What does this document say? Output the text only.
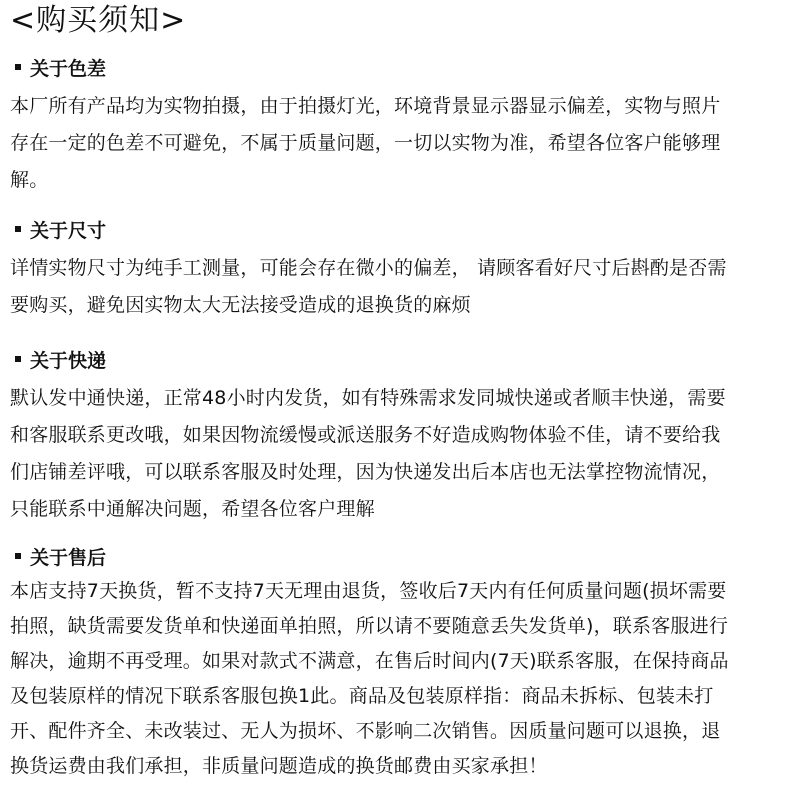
<购买须知>
关于色差
本厂所有产品均为实物拍摄，由于拍摄灯光，环境背景显示器显示偏差，实物与照片
存在一定的色差不可避免，不属于质量问题，一切以实物为准，希望各位客户能够理
解。
关于尺寸
详情实物尺寸为纯手工测量，可能会存在微小的偏差， 请顾客看好尺寸后斟酌是否需
要购买，避免因实物太大无法接受造成的退换货的麻烦
关于快递
默认发中通快递，正常48小时内发货，如有特殊需求发同城快递或者顺丰快递，需要
和客服联系更改哦，如果因物流缓慢或派送服务不好造成购物体验不佳，请不要给我
们店铺差评哦，可以联系客服及时处理，因为快递发出后本店也无法掌控物流情况，
只能联系中通解决问题，希望各位客户理解
关于售后
本店支持7天换货，暂不支持7天无理由退货，签收后7天内有任何质量问题(损坏需要
拍照，缺货需要发货单和快递面单拍照，所以请不要随意丢失发货单)，联系客服进行
解决，逾期不再受理。如果对款式不满意，在售后时间内(7天)联系客服，在保持商品
及包装原样的情况下联系客服包换1此。商品及包装原样指：商品未拆标、包装未打
开、配件齐全、未改装过、无人为损坏、不影响二次销售。因质量问题可以退换，退
换货运费由我们承担，非质量问题造成的换货邮费由买家承担！
